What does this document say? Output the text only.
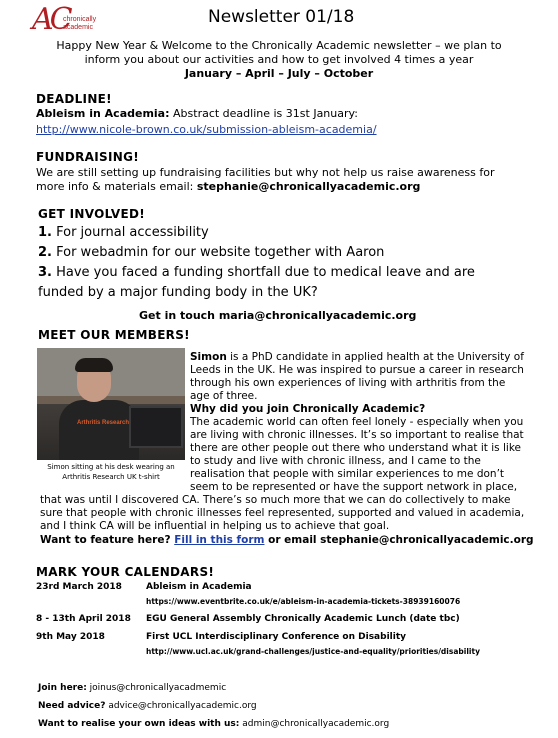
AC
chronically
academic
Newsletter 01/18
Happy New Year & Welcome to the Chronically Academic newsletter – we plan to
inform you about our activities and how to get involved 4 times a year
January – April – July – October
DEADLINE!
Ableism in Academia: Abstract deadline is 31st January:
http://www.nicole-brown.co.uk/submission-ableism-academia/
FUNDRAISING!
We are still setting up fundraising facilities but why not help us raise awareness for
more info & materials email: stephanie@chronicallyacademic.org
GET INVOLVED!
1. For journal accessibility
2. For webadmin for our website together with Aaron
3. Have you faced a funding shortfall due to medical leave and are
funded by a major funding body in the UK?
Get in touch maria@chronicallyacademic.org
MEET OUR MEMBERS!
Arthritis Research
Simon sitting at his desk wearing an
Arthritis Research UK t-shirt
Simon is a PhD candidate in applied health at the University of
Leeds in the UK. He was inspired to pursue a career in research
through his own experiences of living with arthritis from the
age of three.
Why did you join Chronically Academic?
The academic world can often feel lonely - especially when you
are living with chronic illnesses. It’s so important to realise that
there are other people out there who understand what it is like
to study and live with chronic illness, and I came to the
realisation that people with similar experiences to me don’t
seem to be represented or have the support network in place,
that was until I discovered CA. There’s so much more that we can do collectively to make
sure that people with chronic illnesses feel represented, supported and valued in academia,
and I think CA will be influential in helping us to achieve that goal.
Want to feature here? Fill in this form or email stephanie@chronicallyacademic.org
MARK YOUR CALENDARS!
23rd March 2018	Ableism in Academia
https://www.eventbrite.co.uk/e/ableism-in-academia-tickets-38939160076
8 - 13th April 2018 EGU General Assembly Chronically Academic Lunch (date tbc)
9th May 2018	First UCL Interdisciplinary Conference on Disability
http://www.ucl.ac.uk/grand-challenges/justice-and-equality/priorities/disability
Join here: joinus@chronicallyacadmemic
Need advice? advice@chronicallyacademic.org
Want to realise your own ideas with us: admin@chronicallyacademic.org
